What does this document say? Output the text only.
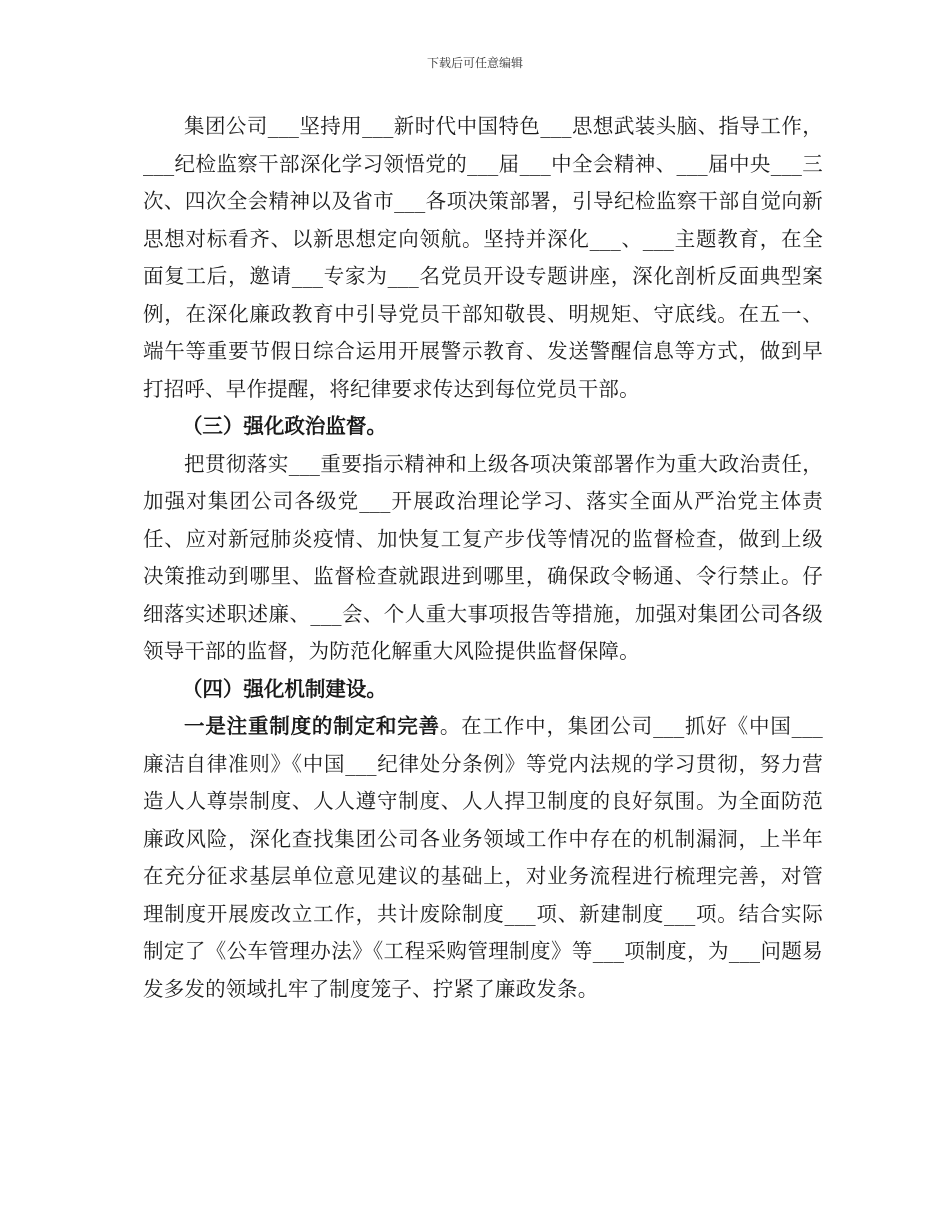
下载后可任意编辑

集团公司___坚持用___新时代中国特色___思想武装头脑、指导工作，___纪检监察干部深化学习领悟党的___届___中全会精神、___届中央___三次、四次全会精神以及省市___各项决策部署，引导纪检监察干部自觉向新思想对标看齐、以新思想定向领航。坚持并深化___、___主题教育，在全面复工后，邀请___专家为___名党员开设专题讲座，深化剖析反面典型案例，在深化廉政教育中引导党员干部知敬畏、明规矩、守底线。在五一、端午等重要节假日综合运用开展警示教育、发送警醒信息等方式，做到早打招呼、早作提醒，将纪律要求传达到每位党员干部。

（三）强化政治监督。

把贯彻落实___重要指示精神和上级各项决策部署作为重大政治责任，加强对集团公司各级党___开展政治理论学习、落实全面从严治党主体责任、应对新冠肺炎疫情、加快复工复产步伐等情况的监督检查，做到上级决策推动到哪里、监督检查就跟进到哪里，确保政令畅通、令行禁止。仔细落实述职述廉、___会、个人重大事项报告等措施，加强对集团公司各级领导干部的监督，为防范化解重大风险提供监督保障。

（四）强化机制建设。

一是注重制度的制定和完善。在工作中，集团公司___抓好《中国___廉洁自律准则》《中国___纪律处分条例》等党内法规的学习贯彻，努力营造人人尊崇制度、人人遵守制度、人人捍卫制度的良好氛围。为全面防范廉政风险，深化查找集团公司各业务领域工作中存在的机制漏洞，上半年在充分征求基层单位意见建议的基础上，对业务流程进行梳理完善，对管理制度开展废改立工作，共计废除制度___项、新建制度___项。结合实际制定了《公车管理办法》《工程采购管理制度》等___项制度，为___问题易发多发的领域扎牢了制度笼子、拧紧了廉政发条。
